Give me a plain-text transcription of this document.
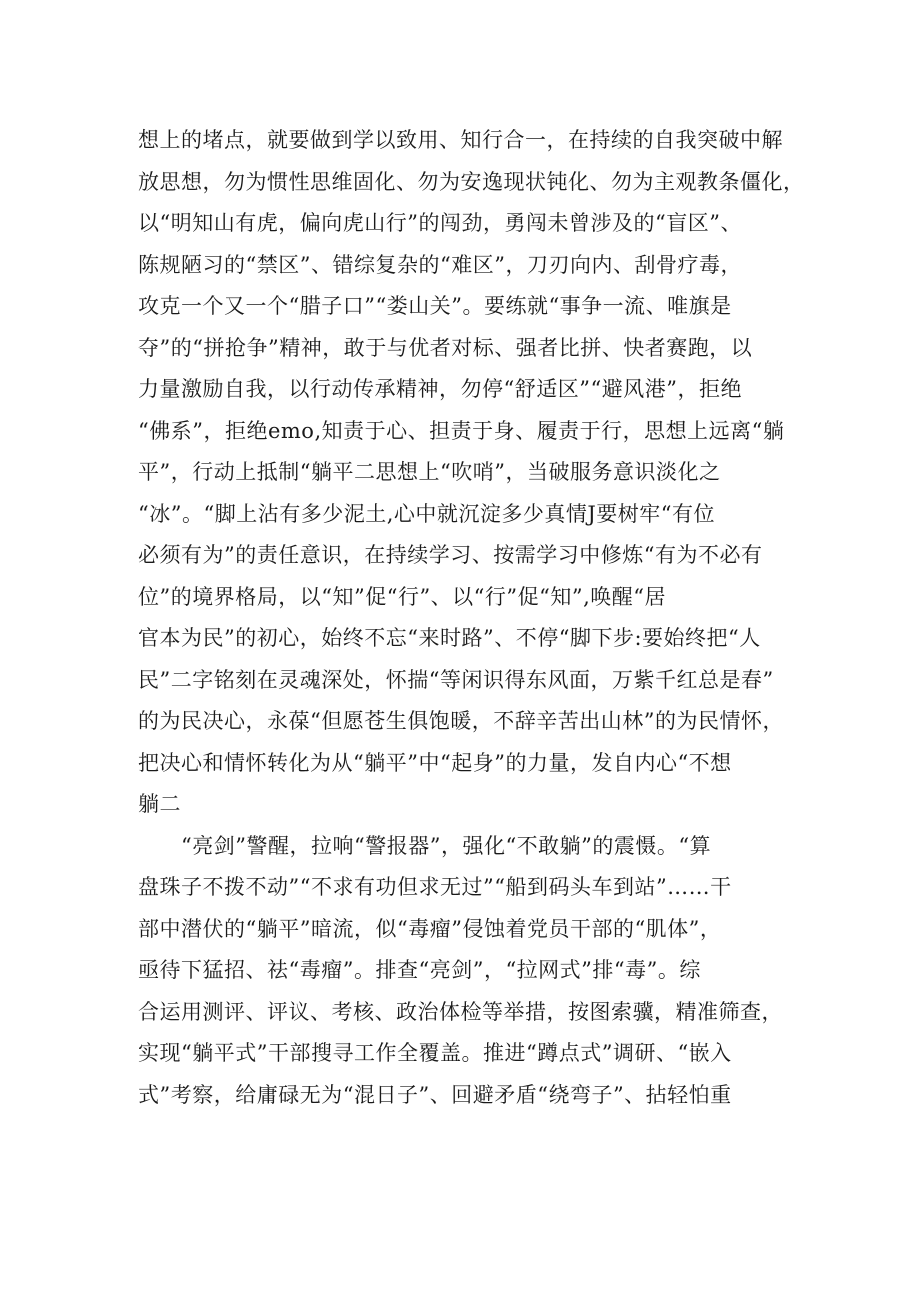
想上的堵点，就要做到学以致用、知行合一，在持续的自我突破中解
放思想，勿为惯性思维固化、勿为安逸现状钝化、勿为主观教条僵化，
以“明知山有虎，偏向虎山行”的闯劲，勇闯未曾涉及的“盲区”、
陈规陋习的“禁区”、错综复杂的“难区”，刀刃向内、刮骨疗毒，
攻克一个又一个“腊子口”“娄山关”。要练就“事争一流、唯旗是
夺”的“拼抢争”精神，敢于与优者对标、强者比拼、快者赛跑，以
力量激励自我，以行动传承精神，勿停“舒适区”“避风港”，拒绝
“佛系”，拒绝emo,知责于心、担责于身、履责于行，思想上远离“躺
平”，行动上抵制“躺平二思想上“吹哨”，当破服务意识淡化之
“冰”。“脚上沾有多少泥土,心中就沉淀多少真情J要树牢“有位
必须有为”的责任意识，在持续学习、按需学习中修炼“有为不必有
位”的境界格局，以“知”促“行”、以“行”促“知”,唤醒“居
官本为民”的初心，始终不忘“来时路”、不停“脚下步:要始终把“人
民”二字铭刻在灵魂深处，怀揣“等闲识得东风面，万紫千红总是春”
的为民决心，永葆“但愿苍生俱饱暖，不辞辛苦出山林”的为民情怀，
把决心和情怀转化为从“躺平”中“起身”的力量，发自内心“不想
躺二
　　“亮剑”警醒，拉响“警报器”，强化“不敢躺”的震慑。“算
盘珠子不拨不动”“不求有功但求无过”“船到码头车到站”……干
部中潜伏的“躺平”暗流，似“毒瘤”侵蚀着党员干部的“肌体”，
亟待下猛招、祛“毒瘤”。排查“亮剑”，“拉网式”排“毒”。综
合运用测评、评议、考核、政治体检等举措，按图索骥，精准筛查，
实现“躺平式”干部搜寻工作全覆盖。推进“蹲点式”调研、“嵌入
式”考察，给庸碌无为“混日子”、回避矛盾“绕弯子”、拈轻怕重
